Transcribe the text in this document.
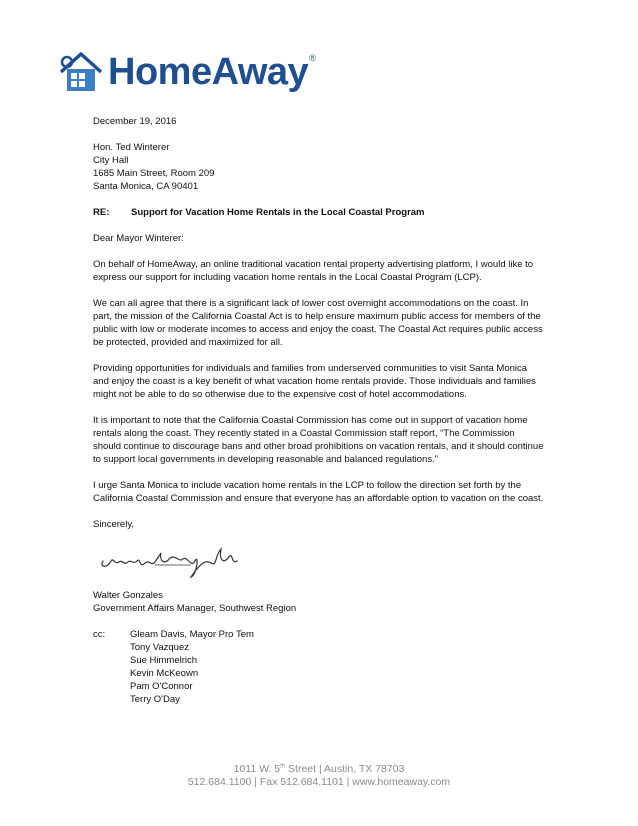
HomeAway ®
December 19, 2016
Hon. Ted Winterer
City Hall
1685 Main Street, Room 209
Santa Monica, CA 90401
RE:	Support for Vacation Home Rentals in the Local Coastal Program
Dear Mayor Winterer:

On behalf of HomeAway, an online traditional vacation rental property advertising platform, I would like to express our support for including vacation home rentals in the Local Coastal Program (LCP).

We can all agree that there is a significant lack of lower cost overnight accommodations on the coast. In part, the mission of the California Coastal Act is to help ensure maximum public access for members of the public with low or moderate incomes to access and enjoy the coast. The Coastal Act requires public access be protected, provided and maximized for all.

Providing opportunities for individuals and families from underserved communities to visit Santa Monica and enjoy the coast is a key benefit of what vacation home rentals provide. Those individuals and families might not be able to do so otherwise due to the expensive cost of hotel accommodations.

It is important to note that the California Coastal Commission has come out in support of vacation home rentals along the coast. They recently stated in a Coastal Commission staff report, “The Commission should continue to discourage bans and other broad prohibitions on vacation rentals, and it should continue to support local governments in developing reasonable and balanced regulations.”

I urge Santa Monica to include vacation home rentals in the LCP to follow the direction set forth by the California Coastal Commission and ensure that everyone has an affordable option to vacation on the coast.

Sincerely,
Walter Gonzales
Government Affairs Manager, Southwest Region
cc:	Gleam Davis, Mayor Pro Tem
Tony Vazquez
Sue Himmelrich
Kevin McKeown
Pam O'Connor
Terry O'Day
1011 W. 5th Street | Austin, TX 78703
512.684.1100 | Fax 512.684.1101 | www.homeaway.com
